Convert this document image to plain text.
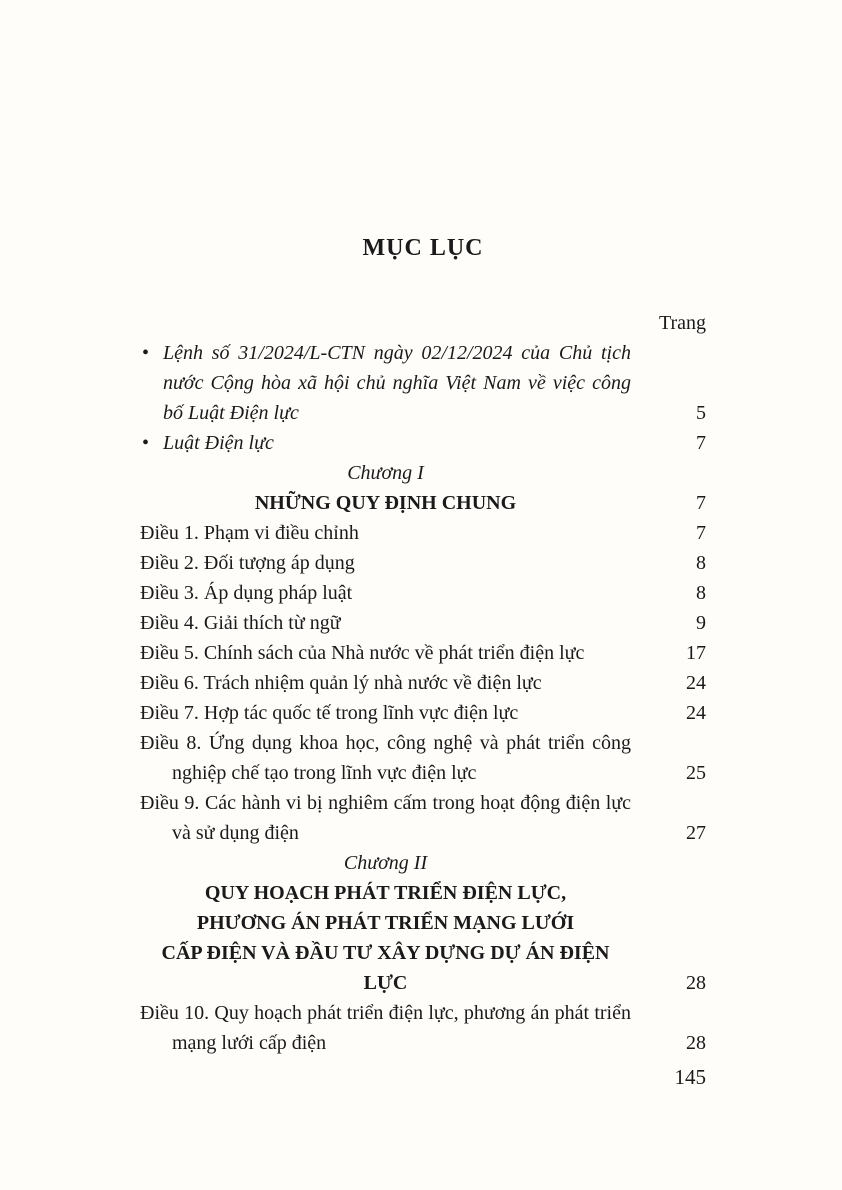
MỤC LỤC
Trang
• Lệnh số 31/2024/L-CTN ngày 02/12/2024 của Chủ tịch nước Cộng hòa xã hội chủ nghĩa Việt Nam về việc công bố Luật Điện lực	5
• Luật Điện lực	7
Chương I
NHỮNG QUY ĐỊNH CHUNG	7
Điều 1. Phạm vi điều chỉnh	7
Điều 2. Đối tượng áp dụng	8
Điều 3. Áp dụng pháp luật	8
Điều 4. Giải thích từ ngữ	9
Điều 5. Chính sách của Nhà nước về phát triển điện lực	17
Điều 6. Trách nhiệm quản lý nhà nước về điện lực	24
Điều 7. Hợp tác quốc tế trong lĩnh vực điện lực	24
Điều 8. Ứng dụng khoa học, công nghệ và phát triển công nghiệp chế tạo trong lĩnh vực điện lực	25
Điều 9. Các hành vi bị nghiêm cấm trong hoạt động điện lực và sử dụng điện	27
Chương II
QUY HOẠCH PHÁT TRIỂN ĐIỆN LỰC,
PHƯƠNG ÁN PHÁT TRIỂN MẠNG LƯỚI
CẤP ĐIỆN VÀ ĐẦU TƯ XÂY DỰNG DỰ ÁN ĐIỆN LỰC	28
Điều 10. Quy hoạch phát triển điện lực, phương án phát triển mạng lưới cấp điện	28
145
